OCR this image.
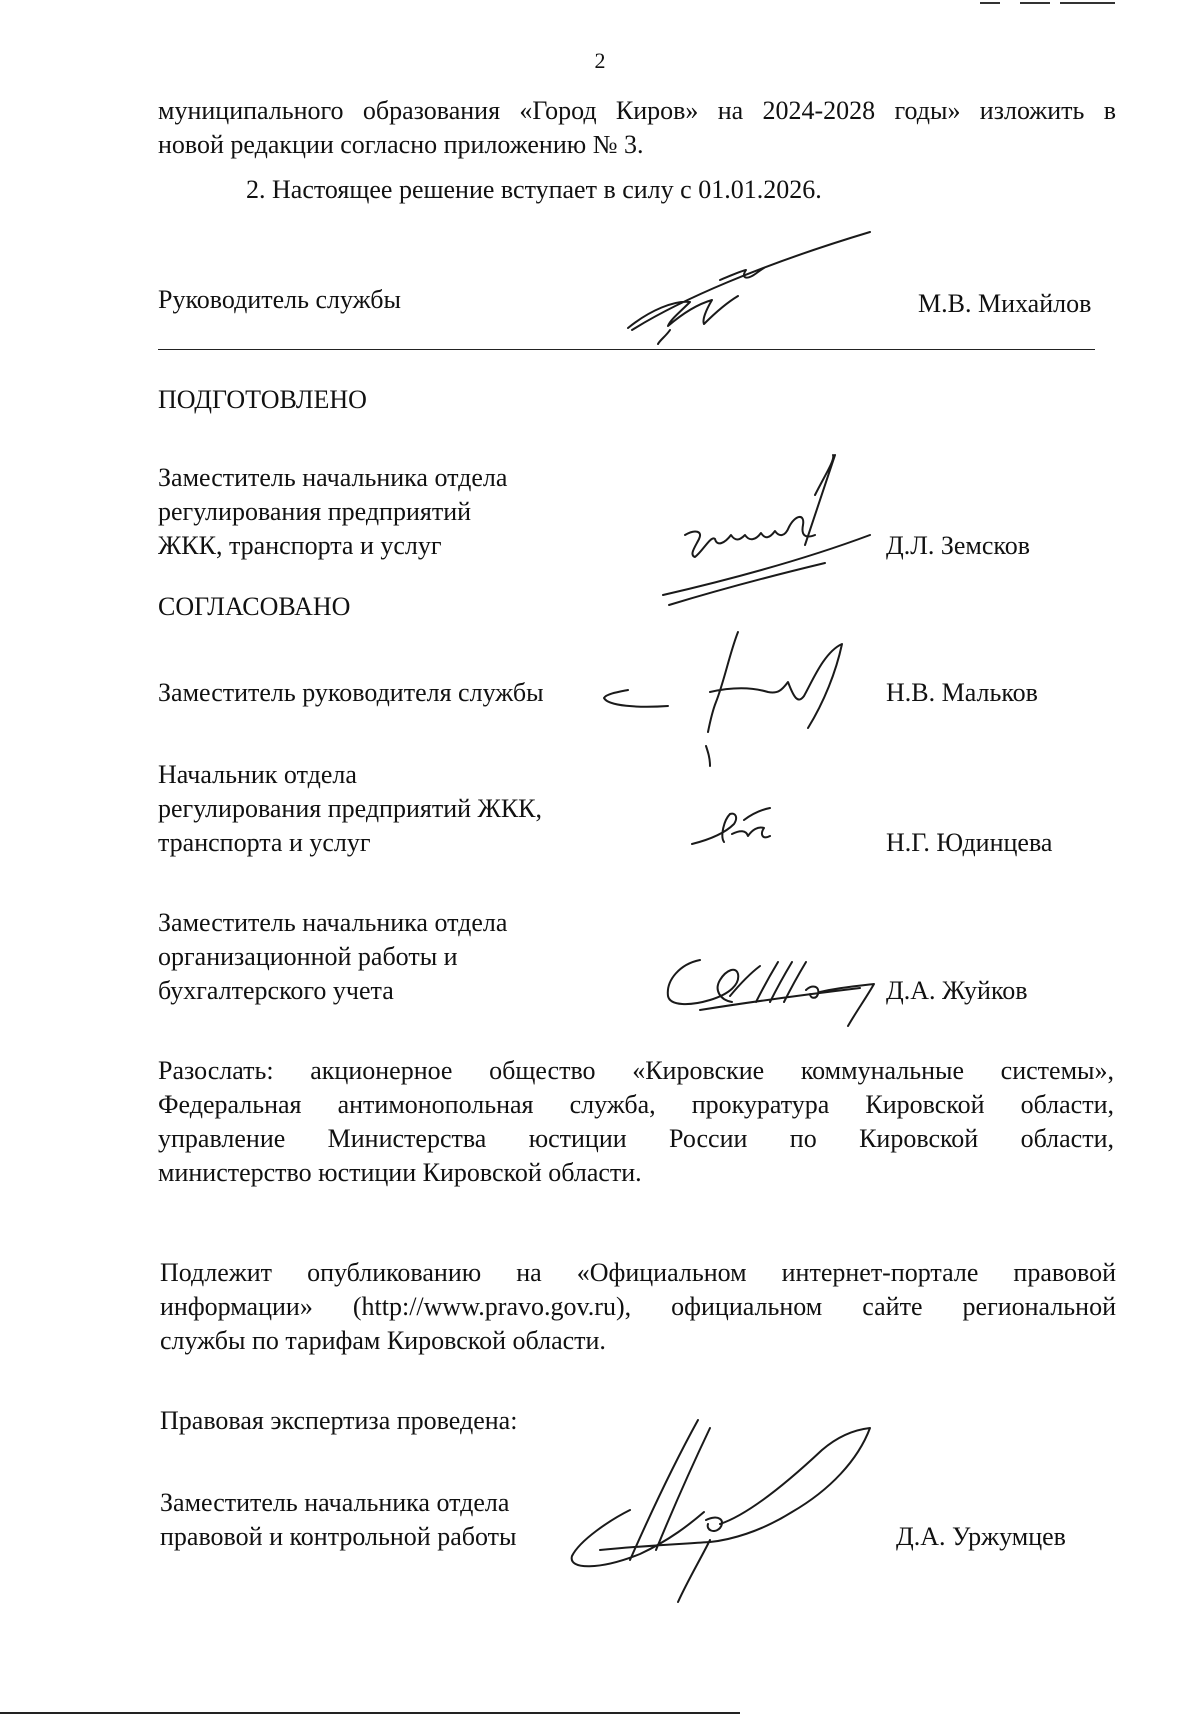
2
муниципального образования «Город Киров» на 2024-2028 годы» изложить в
новой редакции согласно приложению № 3.
2. Настоящее решение вступает в силу с 01.01.2026.
Руководитель службы	М.В. Михайлов
ПОДГОТОВЛЕНО
Заместитель начальника отдела
регулирования предприятий
ЖКК, транспорта и услуг	Д.Л. Земсков
СОГЛАСОВАНО
Заместитель руководителя службы	Н.В. Мальков
Начальник отдела
регулирования предприятий ЖКК,
транспорта и услуг	Н.Г. Юдинцева
Заместитель начальника отдела
организационной работы и
бухгалтерского учета	Д.А. Жуйков
Разослать: акционерное общество «Кировские коммунальные системы»,
Федеральная антимонопольная служба, прокуратура Кировской области,
управление Министерства юстиции России по Кировской области,
министерство юстиции Кировской области.
Подлежит опубликованию на «Официальном интернет-портале правовой
информации» (http://www.pravo.gov.ru), официальном сайте региональной
службы по тарифам Кировской области.
Правовая экспертиза проведена:
Заместитель начальника отдела
правовой и контрольной работы	Д.А. Уржумцев
